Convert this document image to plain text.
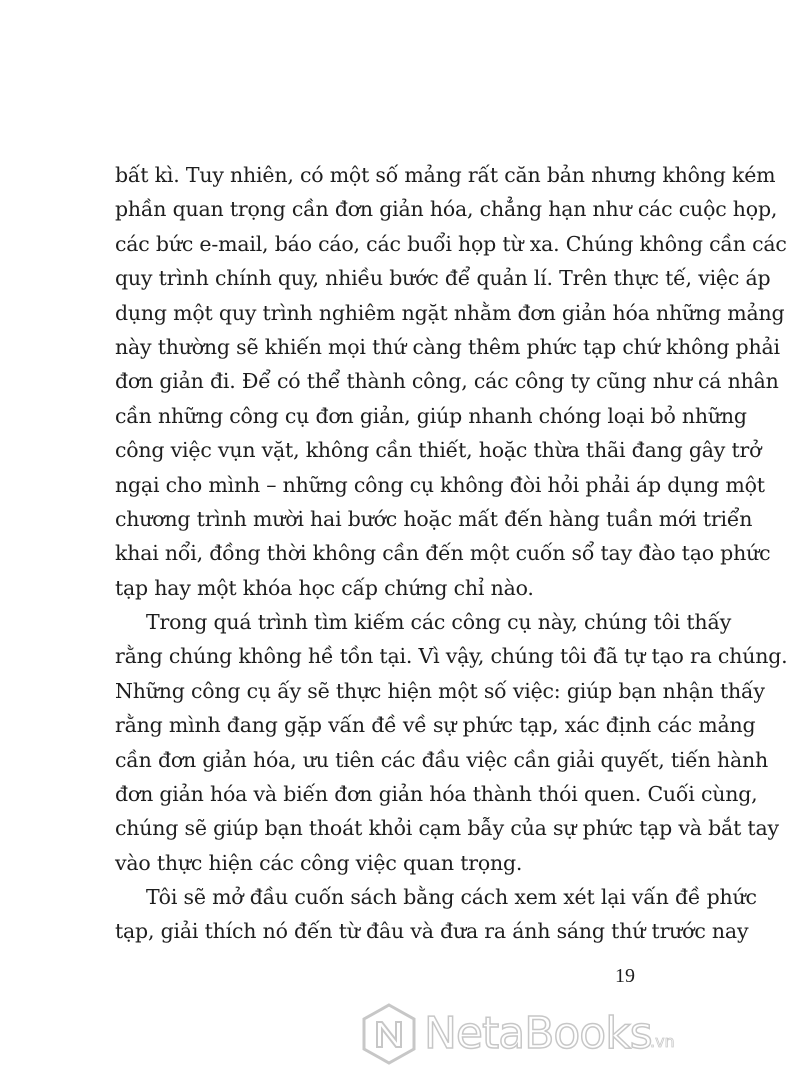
bất kì. Tuy nhiên, có một số mảng rất căn bản nhưng không kém
phần quan trọng cần đơn giản hóa, chẳng hạn như các cuộc họp,
các bức e-mail, báo cáo, các buổi họp từ xa. Chúng không cần các
quy trình chính quy, nhiều bước để quản lí. Trên thực tế, việc áp
dụng một quy trình nghiêm ngặt nhằm đơn giản hóa những mảng
này thường sẽ khiến mọi thứ càng thêm phức tạp chứ không phải
đơn giản đi. Để có thể thành công, các công ty cũng như cá nhân
cần những công cụ đơn giản, giúp nhanh chóng loại bỏ những
công việc vụn vặt, không cần thiết, hoặc thừa thãi đang gây trở
ngại cho mình – những công cụ không đòi hỏi phải áp dụng một
chương trình mười hai bước hoặc mất đến hàng tuần mới triển
khai nổi, đồng thời không cần đến một cuốn sổ tay đào tạo phức
tạp hay một khóa học cấp chứng chỉ nào.
Trong quá trình tìm kiếm các công cụ này, chúng tôi thấy
rằng chúng không hề tồn tại. Vì vậy, chúng tôi đã tự tạo ra chúng.
Những công cụ ấy sẽ thực hiện một số việc: giúp bạn nhận thấy
rằng mình đang gặp vấn đề về sự phức tạp, xác định các mảng
cần đơn giản hóa, ưu tiên các đầu việc cần giải quyết, tiến hành
đơn giản hóa và biến đơn giản hóa thành thói quen. Cuối cùng,
chúng sẽ giúp bạn thoát khỏi cạm bẫy của sự phức tạp và bắt tay
vào thực hiện các công việc quan trọng.
Tôi sẽ mở đầu cuốn sách bằng cách xem xét lại vấn đề phức
tạp, giải thích nó đến từ đâu và đưa ra ánh sáng thứ trước nay
19
NetaBooks
.vn
